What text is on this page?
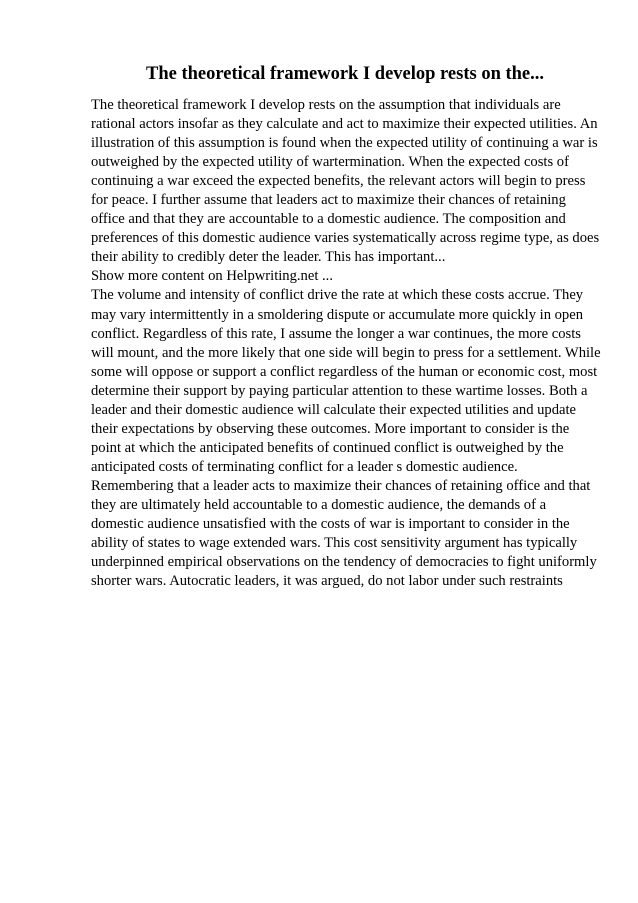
The theoretical framework I develop rests on the...

The theoretical framework I develop rests on the assumption that individuals are rational actors insofar as they calculate and act to maximize their expected utilities. An illustration of this assumption is found when the expected utility of continuing a war is outweighed by the expected utility of wartermination. When the expected costs of continuing a war exceed the expected benefits, the relevant actors will begin to press for peace. I further assume that leaders act to maximize their chances of retaining office and that they are accountable to a domestic audience. The composition and preferences of this domestic audience varies systematically across regime type, as does their ability to credibly deter the leader. This has important...

Show more content on Helpwriting.net ...

The volume and intensity of conflict drive the rate at which these costs accrue. They may vary intermittently in a smoldering dispute or accumulate more quickly in open conflict. Regardless of this rate, I assume the longer a war continues, the more costs will mount, and the more likely that one side will begin to press for a settlement. While some will oppose or support a conflict regardless of the human or economic cost, most determine their support by paying particular attention to these wartime losses. Both a leader and their domestic audience will calculate their expected utilities and update their expectations by observing these outcomes. More important to consider is the point at which the anticipated benefits of continued conflict is outweighed by the anticipated costs of terminating conflict for a leader s domestic audience.

Remembering that a leader acts to maximize their chances of retaining office and that they are ultimately held accountable to a domestic audience, the demands of a domestic audience unsatisfied with the costs of war is important to consider in the ability of states to wage extended wars. This cost sensitivity argument has typically underpinned empirical observations on the tendency of democracies to fight uniformly shorter wars. Autocratic leaders, it was argued, do not labor under such restraints
